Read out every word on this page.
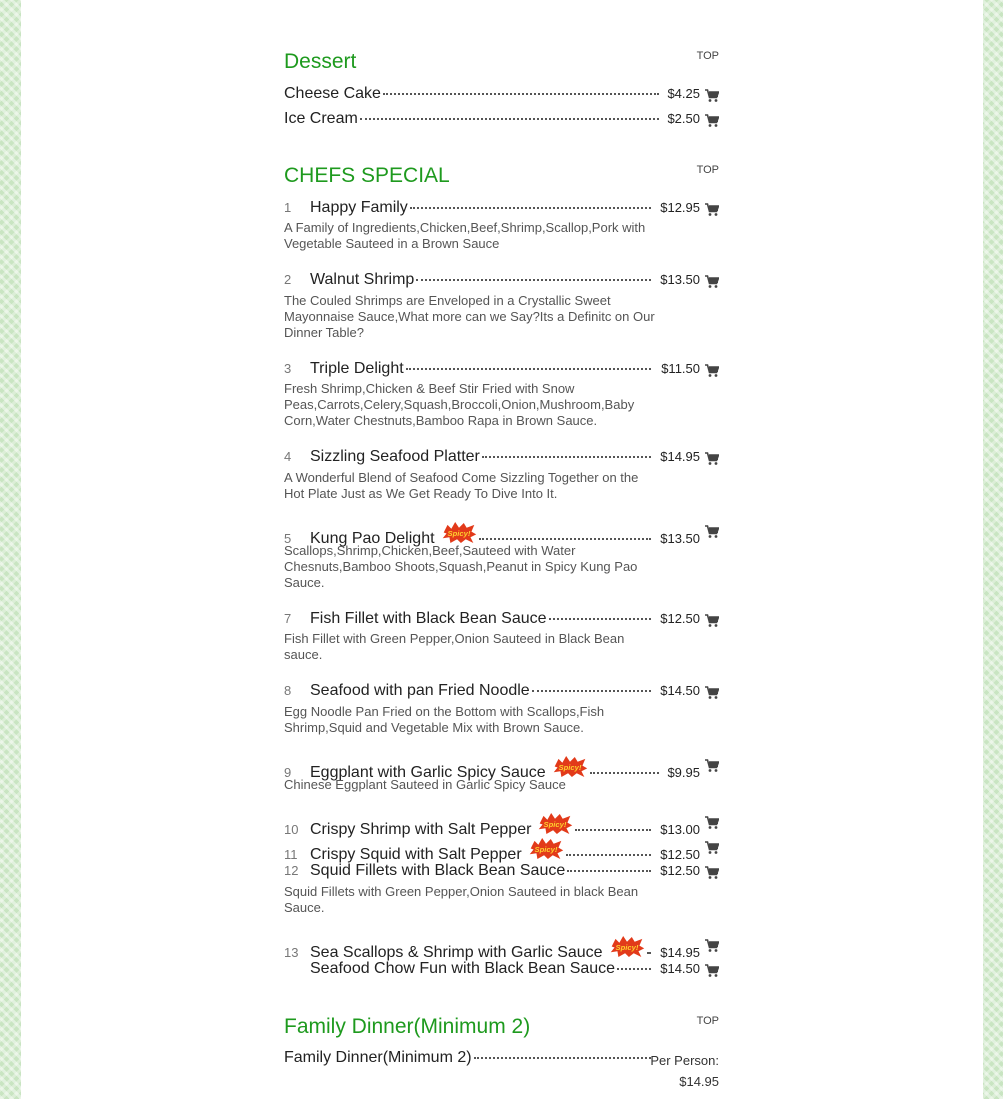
Dessert	TOP
Cheese Cake	$4.25
Ice Cream	$2.50
CHEFS SPECIAL	TOP
1	Happy Family	$12.95
A Family of Ingredients,Chicken,Beef,Shrimp,Scallop,Pork with Vegetable Sauteed in a Brown Sauce
2	Walnut Shrimp	$13.50
The Couled Shrimps are Enveloped in a Crystallic Sweet Mayonnaise Sauce,What more can we Say?Its a Definitc on Our Dinner Table?
3	Triple Delight	$11.50
Fresh Shrimp,Chicken & Beef Stir Fried with Snow Peas,Carrots,Celery,Squash,Broccoli,Onion,Mushroom,Baby Corn,Water Chestnuts,Bamboo Rapa in Brown Sauce.
4	Sizzling Seafood Platter	$14.95
A Wonderful Blend of Seafood Come Sizzling Together on the Hot Plate Just as We Get Ready To Dive Into It.
5	Kung Pao Delight Spicy!	$13.50
Scallops,Shrimp,Chicken,Beef,Sauteed with Water Chesnuts,Bamboo Shoots,Squash,Peanut in Spicy Kung Pao Sauce.
7	Fish Fillet with Black Bean Sauce	$12.50
Fish Fillet with Green Pepper,Onion Sauteed in Black Bean sauce.
8	Seafood with pan Fried Noodle	$14.50
Egg Noodle Pan Fried on the Bottom with Scallops,Fish Shrimp,Squid and Vegetable Mix with Brown Sauce.
9	Eggplant with Garlic Spicy Sauce Spicy!	$9.95
Chinese Eggplant Sauteed in Garlic Spicy Sauce
10 Crispy Shrimp with Salt Pepper Spicy!	$13.00
11 Crispy Squid with Salt Pepper Spicy!	$12.50
12 Squid Fillets with Black Bean Sauce	$12.50
Squid Fillets with Green Pepper,Onion Sauteed in black Bean Sauce.
13 Sea Scallops & Shrimp with Garlic Sauce Spicy!	$14.95
Seafood Chow Fun with Black Bean Sauce	$14.50
Family Dinner(Minimum 2)	TOP
Family Dinner(Minimum 2)	Per Person:
$14.95
